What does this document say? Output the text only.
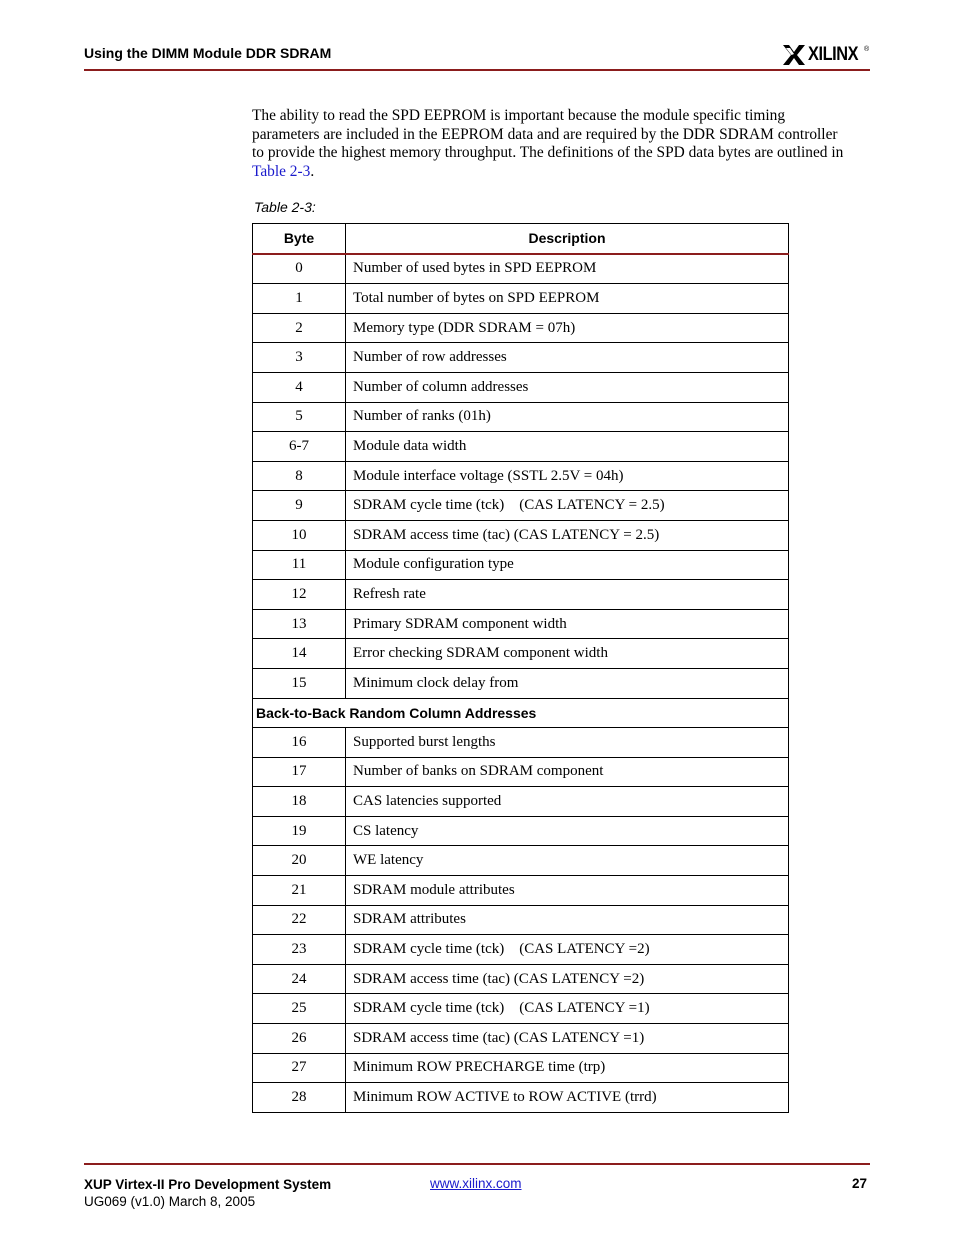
Using the DIMM Module DDR SDRAM	XILINX ®
The ability to read the SPD EEPROM is important because the module specific timing parameters are included in the EEPROM data and are required by the DDR SDRAM controller to provide the highest memory throughput. The definitions of the SPD data bytes are outlined in Table 2-3.
Table 2-3:
Byte	Description
0	Number of used bytes in SPD EEPROM
1	Total number of bytes on SPD EEPROM
2	Memory type (DDR SDRAM = 07h)
3	Number of row addresses
4	Number of column addresses
5	Number of ranks (01h)
6-7	Module data width
8	Module interface voltage (SSTL 2.5V = 04h)
9	SDRAM cycle time (tck)    (CAS LATENCY = 2.5)
10	SDRAM access time (tac) (CAS LATENCY = 2.5)
11	Module configuration type
12	Refresh rate
13	Primary SDRAM component width
14	Error checking SDRAM component width
15	Minimum clock delay from
Back-to-Back Random Column Addresses	
16	Supported burst lengths
17	Number of banks on SDRAM component
18	CAS latencies supported
19	CS latency
20	WE latency
21	SDRAM module attributes
22	SDRAM attributes
23	SDRAM cycle time (tck)    (CAS LATENCY =2)
24	SDRAM access time (tac) (CAS LATENCY =2)
25	SDRAM cycle time (tck)    (CAS LATENCY =1)
26	SDRAM access time (tac) (CAS LATENCY =1)
27	Minimum ROW PRECHARGE time (trp)
28	Minimum ROW ACTIVE to ROW ACTIVE (trrd)
XUP Virtex-II Pro Development System
UG069 (v1.0) March 8, 2005
www.xilinx.com	27
